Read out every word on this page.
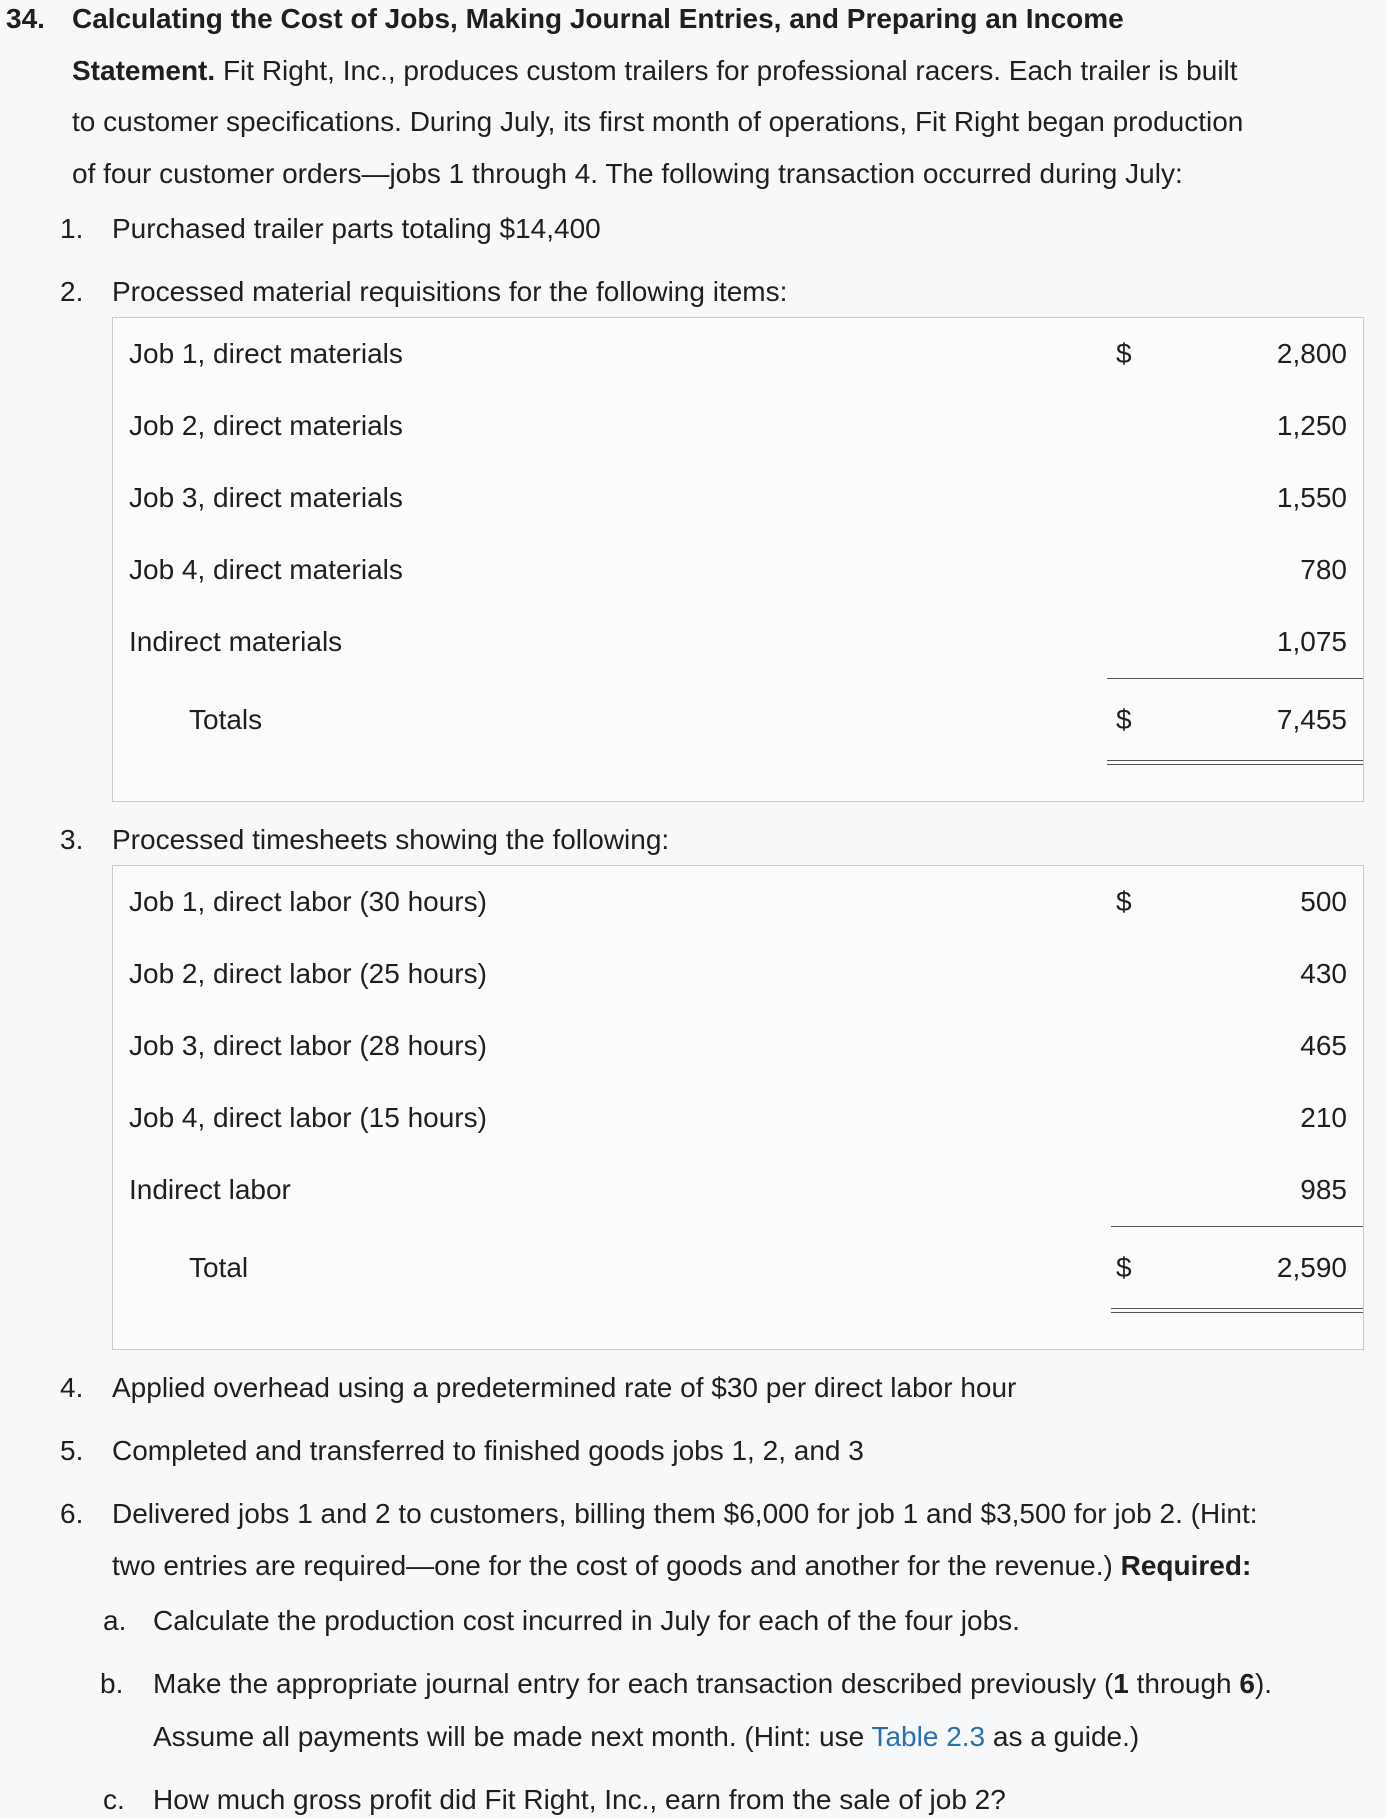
34. Calculating the Cost of Jobs, Making Journal Entries, and Preparing an Income
Statement. Fit Right, Inc., produces custom trailers for professional racers. Each trailer is built
to customer specifications. During July, its first month of operations, Fit Right began production
of four customer orders—jobs 1 through 4. The following transaction occurred during July:
1. Purchased trailer parts totaling $14,400
2. Processed material requisitions for the following items:
Job 1, direct materials	$	2,800
Job 2, direct materials	1,250
Job 3, direct materials	1,550
Job 4, direct materials	780
Indirect materials	1,075
Totals	$	7,455
3. Processed timesheets showing the following:
Job 1, direct labor (30 hours)	$	500
Job 2, direct labor (25 hours)	430
Job 3, direct labor (28 hours)	465
Job 4, direct labor (15 hours)	210
Indirect labor	985
Total	$	2,590
4. Applied overhead using a predetermined rate of $30 per direct labor hour
5. Completed and transferred to finished goods jobs 1, 2, and 3
6. Delivered jobs 1 and 2 to customers, billing them $6,000 for job 1 and $3,500 for job 2. (Hint:
two entries are required—one for the cost of goods and another for the revenue.) Required:
a. Calculate the production cost incurred in July for each of the four jobs.
b. Make the appropriate journal entry for each transaction described previously (1 through 6).
Assume all payments will be made next month. (Hint: use Table 2.3 as a guide.)
c. How much gross profit did Fit Right, Inc., earn from the sale of job 2?
